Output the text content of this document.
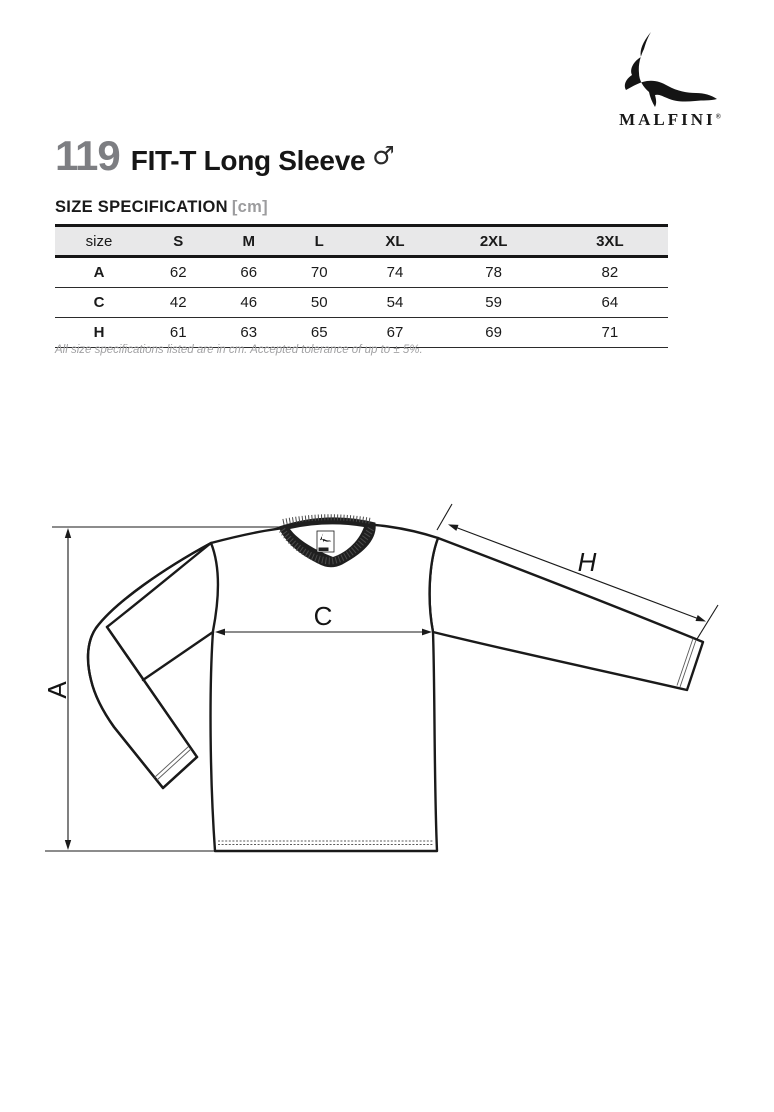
MALFINI®
119 FIT-T Long Sleeve ♂
SIZE SPECIFICATION [cm]
size	S	M	L	XL	2XL	3XL
A	62	66	70	74	78	82
C	42	46	50	54	59	64
H	61	63	65	67	69	71
All size specifications listed are in cm. Accepted tolerance of up to ± 5%.
A
C
H
